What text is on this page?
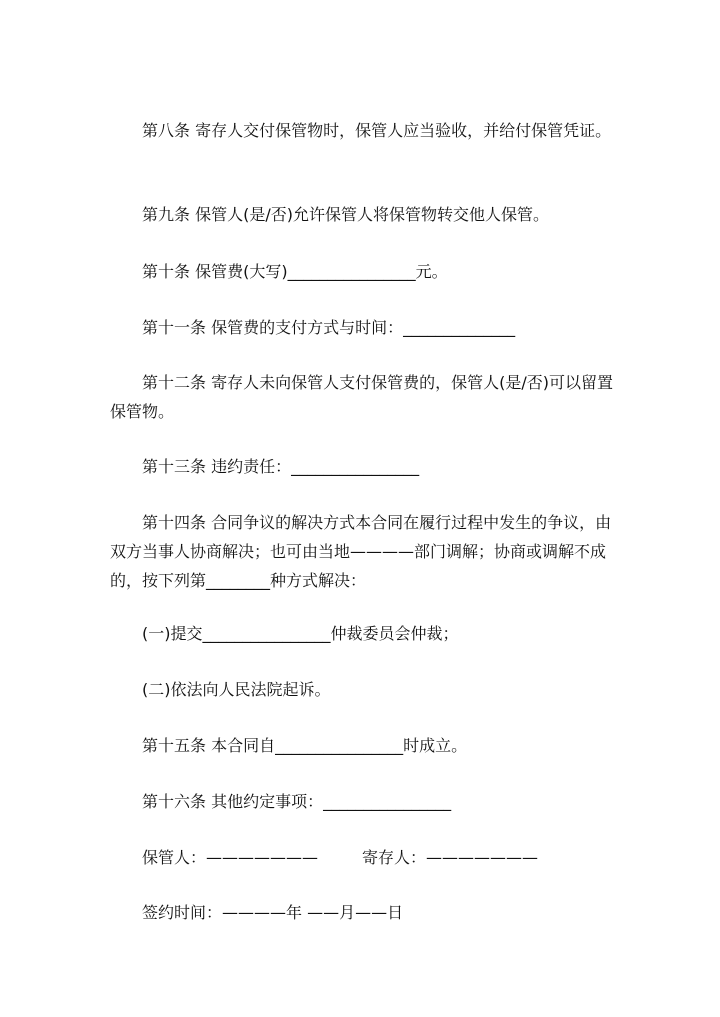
第八条 寄存人交付保管物时，保管人应当验收，并给付保管凭证。

第九条 保管人(是/否)允许保管人将保管物转交他人保管。

第十条 保管费(大写)________________元。

第十一条 保管费的支付方式与时间：______________

第十二条 寄存人未向保管人支付保管费的，保管人(是/否)可以留置保管物。

第十三条 违约责任：________________

第十四条 合同争议的解决方式本合同在履行过程中发生的争议，由双方当事人协商解决；也可由当地————部门调解；协商或调解不成的，按下列第________种方式解决：

(一)提交________________仲裁委员会仲裁；

(二)依法向人民法院起诉。

第十五条 本合同自________________时成立。

第十六条 其他约定事项：________________

保管人：———————	寄存人：———————

签约时间：————年 ——月——日
